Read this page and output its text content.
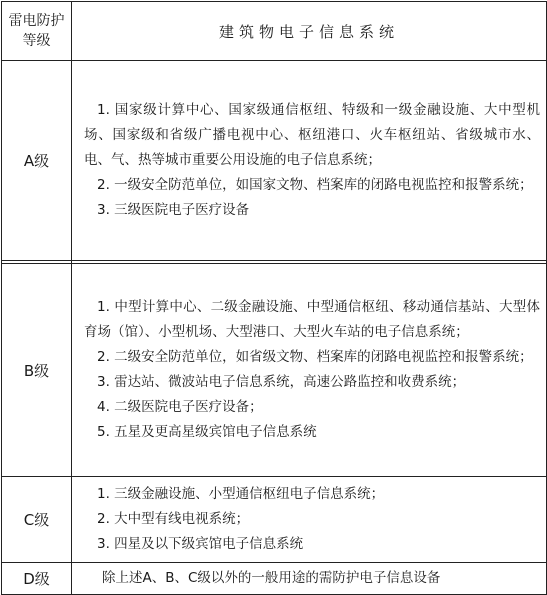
雷电防护
等级	建筑物电子信息系统
A级	1. 国家级计算中心、国家级通信枢纽、特级和一级金融设施、大中型机场、国家级和省级广播电视中心、枢纽港口、火车枢纽站、省级城市水、电、气、热等城市重要公用设施的电子信息系统；
2. 一级安全防范单位，如国家文物、档案库的闭路电视监控和报警系统；
3. 三级医院电子医疗设备

B级	1. 中型计算中心、二级金融设施、中型通信枢纽、移动通信基站、大型体育场（馆）、小型机场、大型港口、大型火车站的电子信息系统；
2. 二级安全防范单位，如省级文物、档案库的闭路电视监控和报警系统；
3. 雷达站、微波站电子信息系统，高速公路监控和收费系统；
4. 二级医院电子医疗设备；
5. 五星及更高星级宾馆电子信息系统

C级	1. 三级金融设施、小型通信枢纽电子信息系统；
2. 大中型有线电视系统；
3. 四星及以下级宾馆电子信息系统

D级	除上述A、B、C级以外的一般用途的需防护电子信息设备
